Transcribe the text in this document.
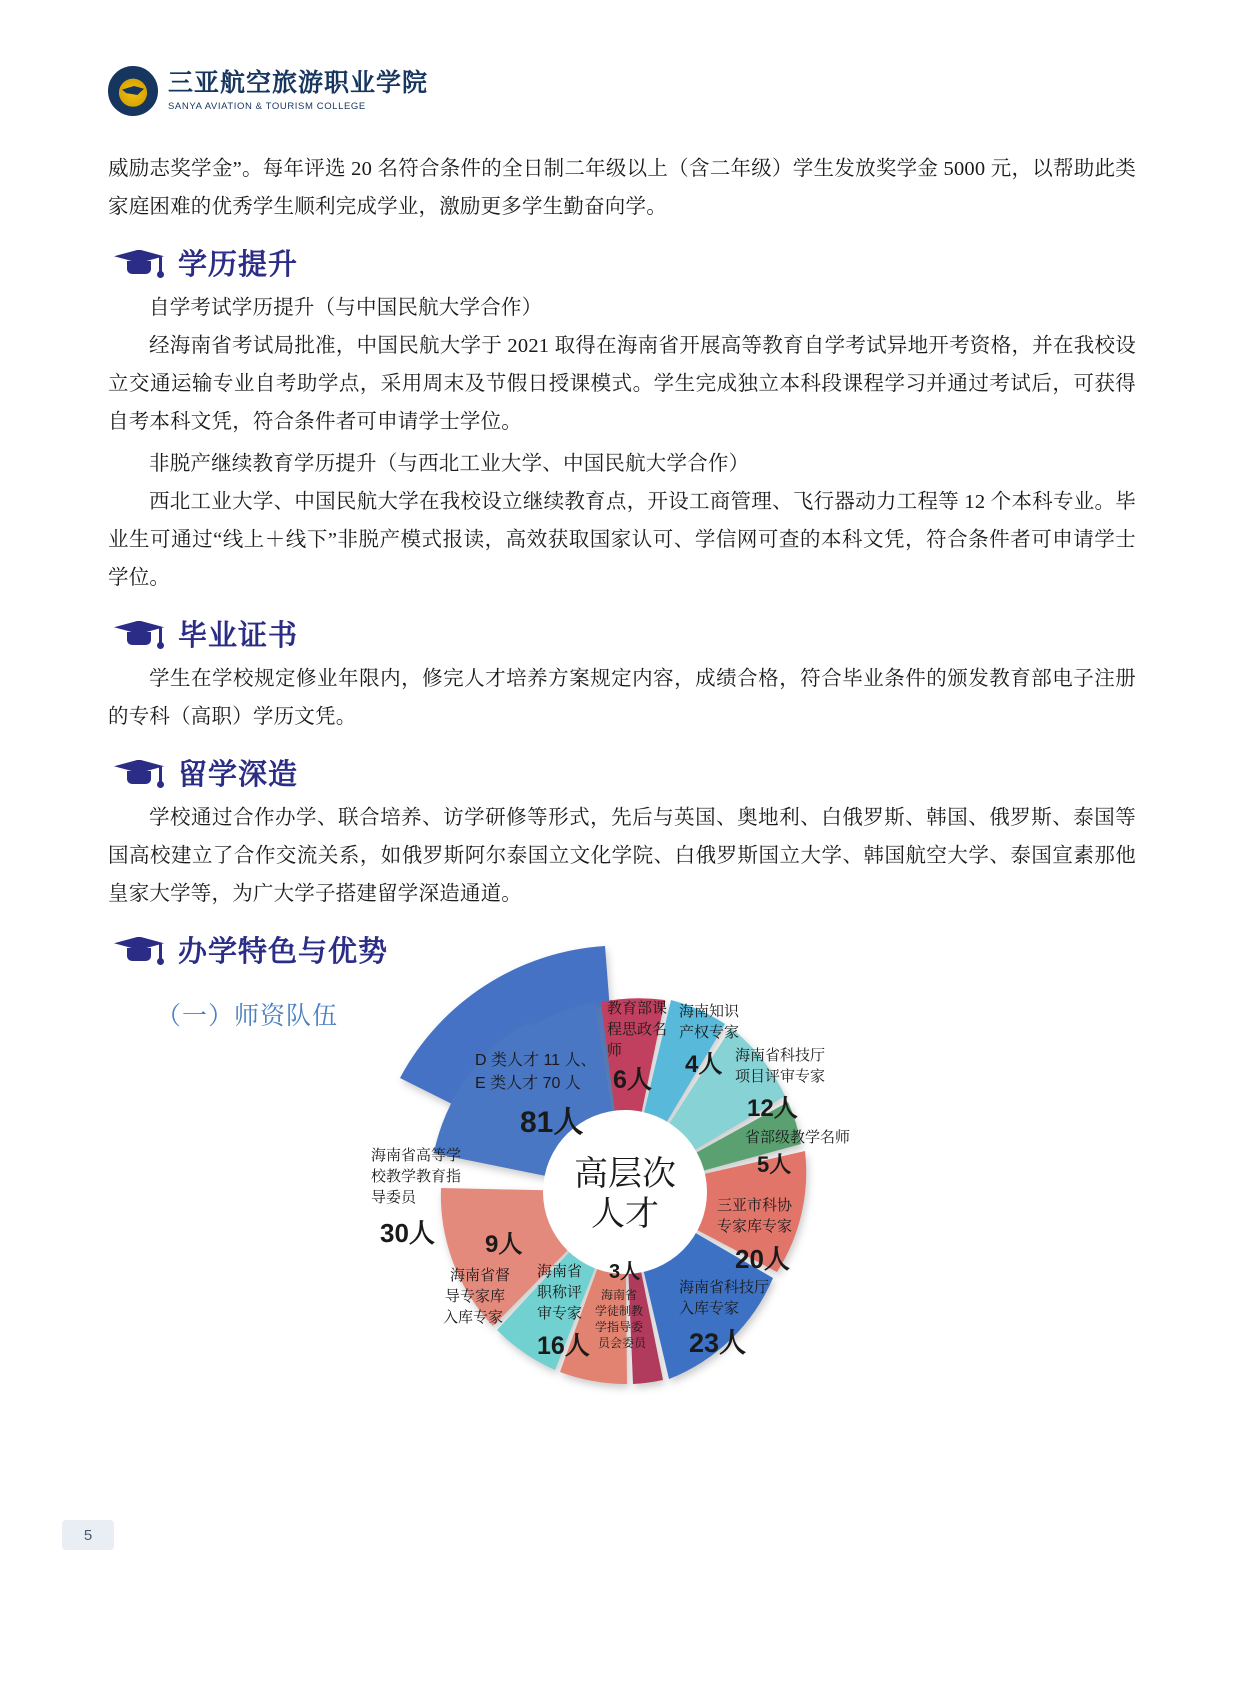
三亚航空旅游职业学院
SANYA AVIATION & TOURISM COLLEGE

威励志奖学金”。每年评选 20 名符合条件的全日制二年级以上（含二年级）学生发放奖学金 5000 元，以帮助此类家庭困难的优秀学生顺利完成学业，激励更多学生勤奋向学。

学历提升

自学考试学历提升（与中国民航大学合作）

经海南省考试局批准，中国民航大学于 2021 取得在海南省开展高等教育自学考试异地开考资格，并在我校设立交通运输专业自考助学点，采用周末及节假日授课模式。学生完成独立本科段课程学习并通过考试后，可获得自考本科文凭，符合条件者可申请学士学位。

非脱产继续教育学历提升（与西北工业大学、中国民航大学合作）

西北工业大学、中国民航大学在我校设立继续教育点，开设工商管理、飞行器动力工程等 12 个本科专业。毕业生可通过“线上＋线下”非脱产模式报读，高效获取国家认可、学信网可查的本科文凭，符合条件者可申请学士学位。

毕业证书

学生在学校规定修业年限内，修完人才培养方案规定内容，成绩合格，符合毕业条件的颁发教育部电子注册的专科（高职）学历文凭。

留学深造

学校通过合作办学、联合培养、访学研修等形式，先后与英国、奥地利、白俄罗斯、韩国、俄罗斯、泰国等国高校建立了合作交流关系，如俄罗斯阿尔泰国立文化学院、白俄罗斯国立大学、韩国航空大学、泰国宣素那他皇家大学等，为广大学子搭建留学深造通道。

办学特色与优势
（一）师资队伍
高层次
人才
D 类人才 11 人、
E 类人才 70 人
81人
教育部课
程思政名
师
6人
海南知识
产权专家
4人 海南省科技厅
项目评审专家
12人
省部级教学名师
5人
三亚市科协
专家库专家
20人
海南省科技厅
入库专家
23人
3人
海南省
学徒制教
学指导委
员会委员
海南省
职称评
审专家
16人
9人
海南省督
导专家库
入库专家
海南省高等学
校教学教育指
导委员
30人
5
